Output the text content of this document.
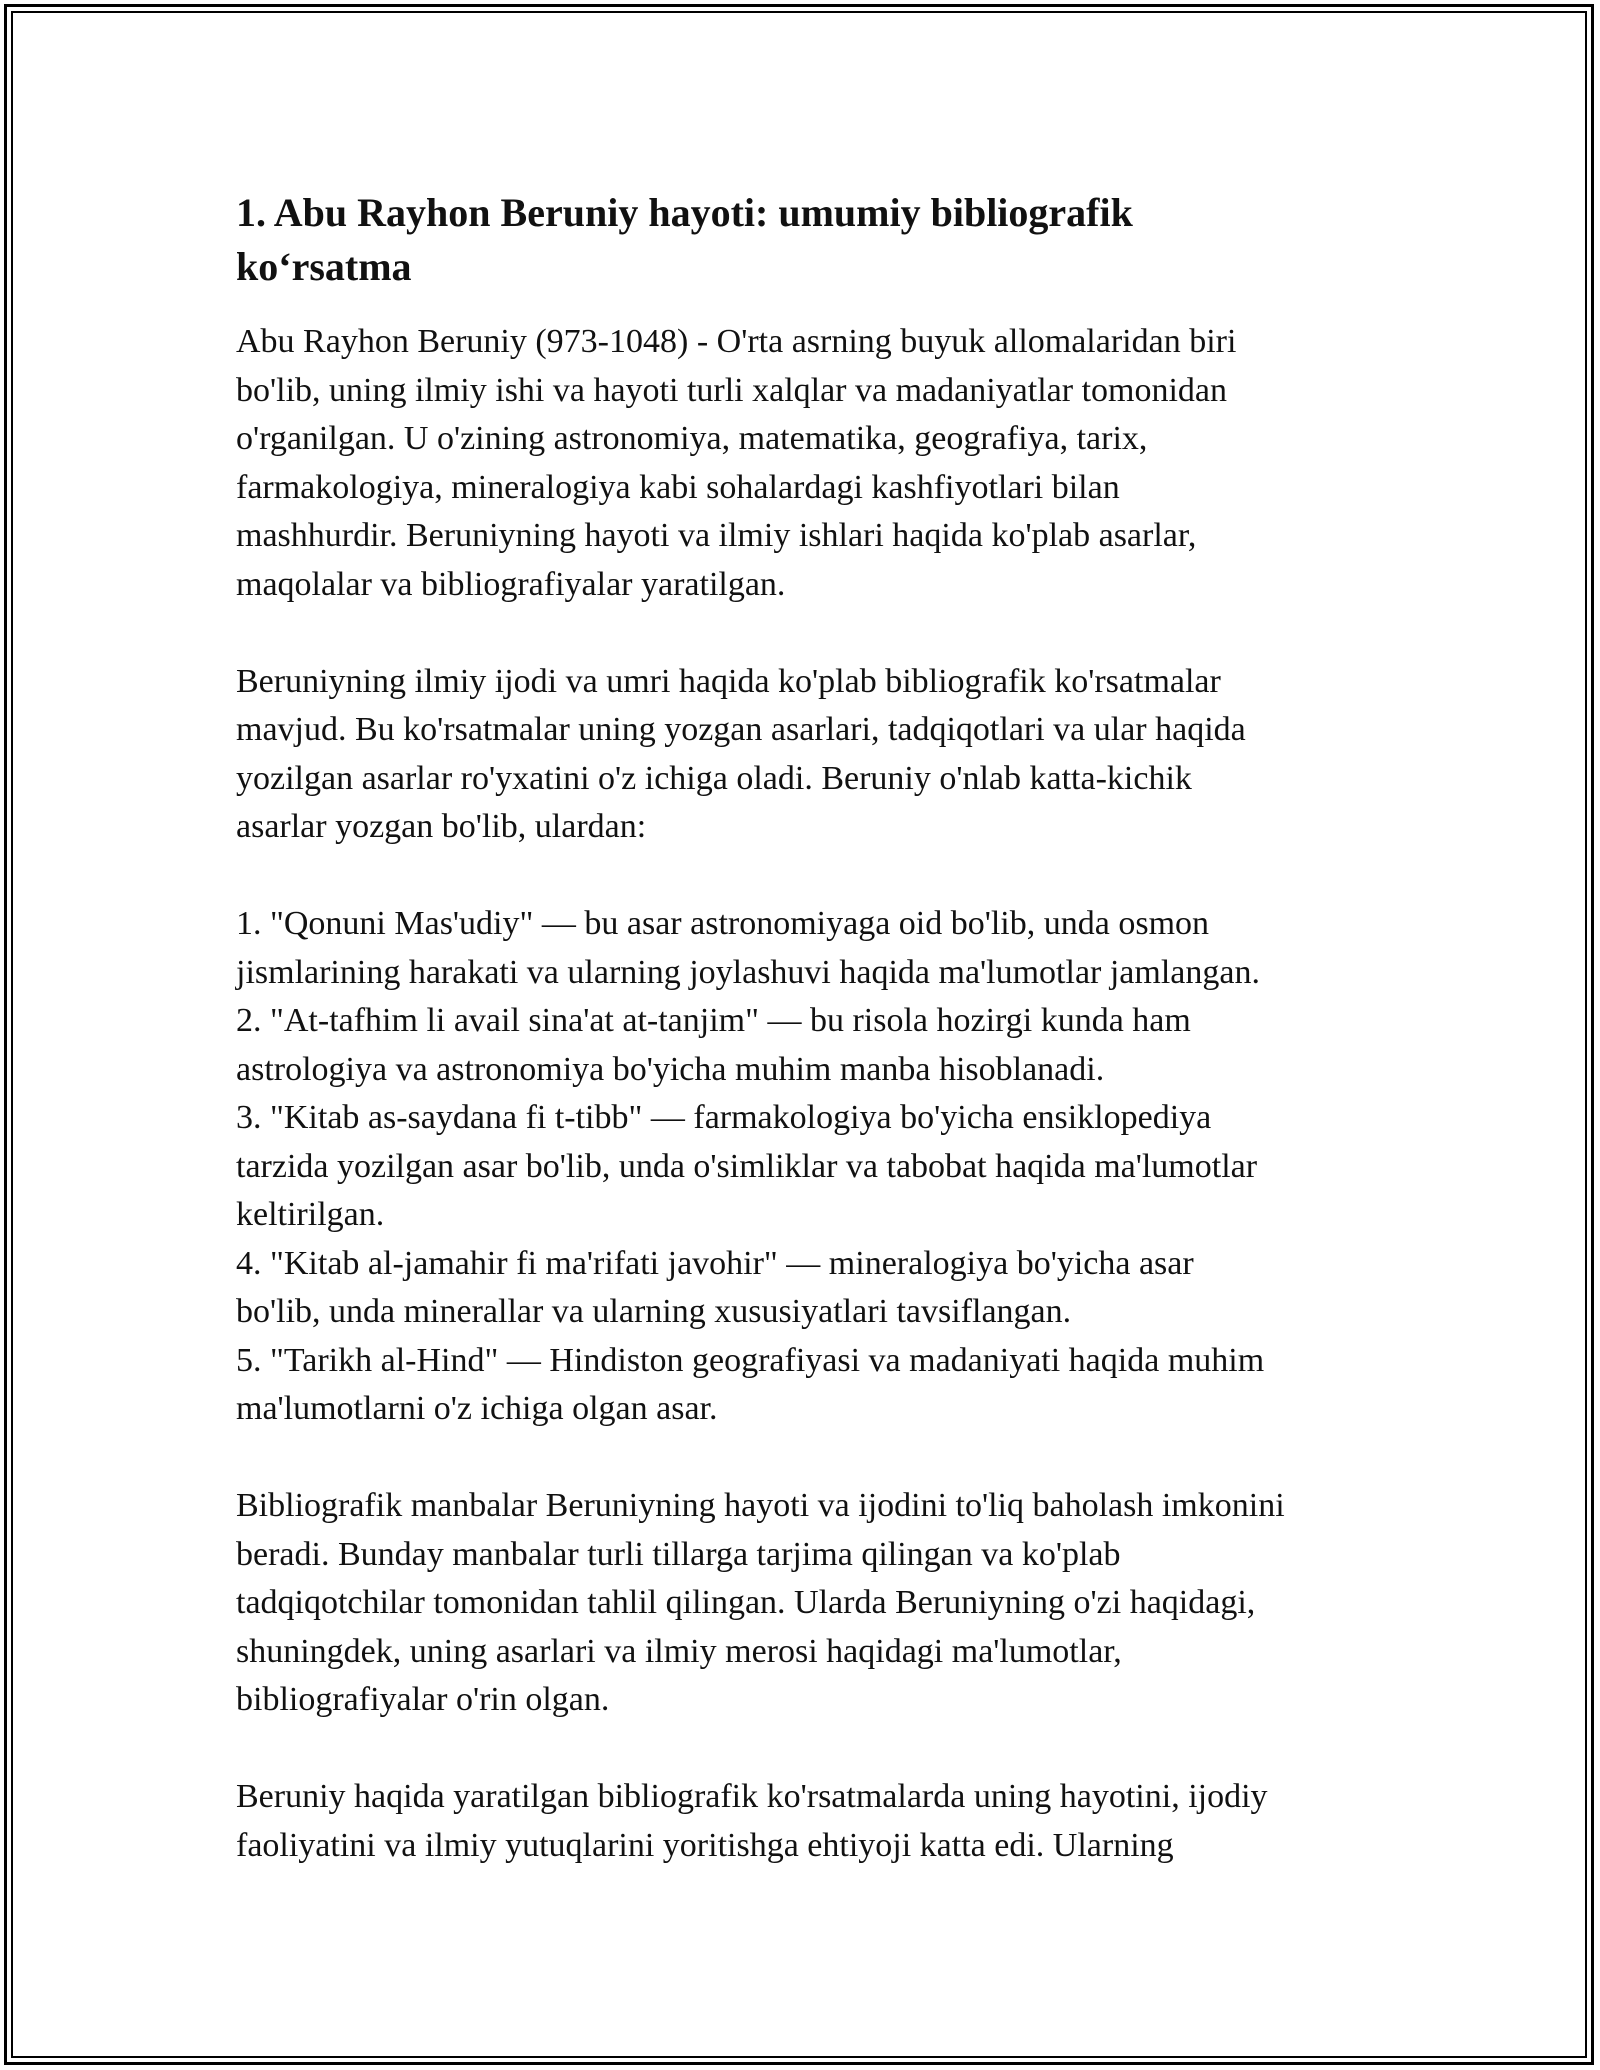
1. Abu Rayhon Beruniy hayoti: umumiy bibliografik
ko‘rsatma

Abu Rayhon Beruniy (973-1048) - O'rta asrning buyuk allomalaridan biri
bo'lib, uning ilmiy ishi va hayoti turli xalqlar va madaniyatlar tomonidan
o'rganilgan. U o'zining astronomiya, matematika, geografiya, tarix,
farmakologiya, mineralogiya kabi sohalardagi kashfiyotlari bilan
mashhurdir. Beruniyning hayoti va ilmiy ishlari haqida ko'plab asarlar,
maqolalar va bibliografiyalar yaratilgan.

Beruniyning ilmiy ijodi va umri haqida ko'plab bibliografik ko'rsatmalar
mavjud. Bu ko'rsatmalar uning yozgan asarlari, tadqiqotlari va ular haqida
yozilgan asarlar ro'yxatini o'z ichiga oladi. Beruniy o'nlab katta-kichik
asarlar yozgan bo'lib, ulardan:

1. "Qonuni Mas'udiy" — bu asar astronomiyaga oid bo'lib, unda osmon
jismlarining harakati va ularning joylashuvi haqida ma'lumotlar jamlangan.

2. "At-tafhim li avail sina'at at-tanjim" — bu risola hozirgi kunda ham
astrologiya va astronomiya bo'yicha muhim manba hisoblanadi.

3. "Kitab as-saydana fi t-tibb" — farmakologiya bo'yicha ensiklopediya
tarzida yozilgan asar bo'lib, unda o'simliklar va tabobat haqida ma'lumotlar
keltirilgan.

4. "Kitab al-jamahir fi ma'rifati javohir" — mineralogiya bo'yicha asar
bo'lib, unda minerallar va ularning xususiyatlari tavsiflangan.

5. "Tarikh al-Hind" — Hindiston geografiyasi va madaniyati haqida muhim
ma'lumotlarni o'z ichiga olgan asar.

Bibliografik manbalar Beruniyning hayoti va ijodini to'liq baholash imkonini
beradi. Bunday manbalar turli tillarga tarjima qilingan va ko'plab
tadqiqotchilar tomonidan tahlil qilingan. Ularda Beruniyning o'zi haqidagi,
shuningdek, uning asarlari va ilmiy merosi haqidagi ma'lumotlar,
bibliografiyalar o'rin olgan.

Beruniy haqida yaratilgan bibliografik ko'rsatmalarda uning hayotini, ijodiy
faoliyatini va ilmiy yutuqlarini yoritishga ehtiyoji katta edi. Ularning
